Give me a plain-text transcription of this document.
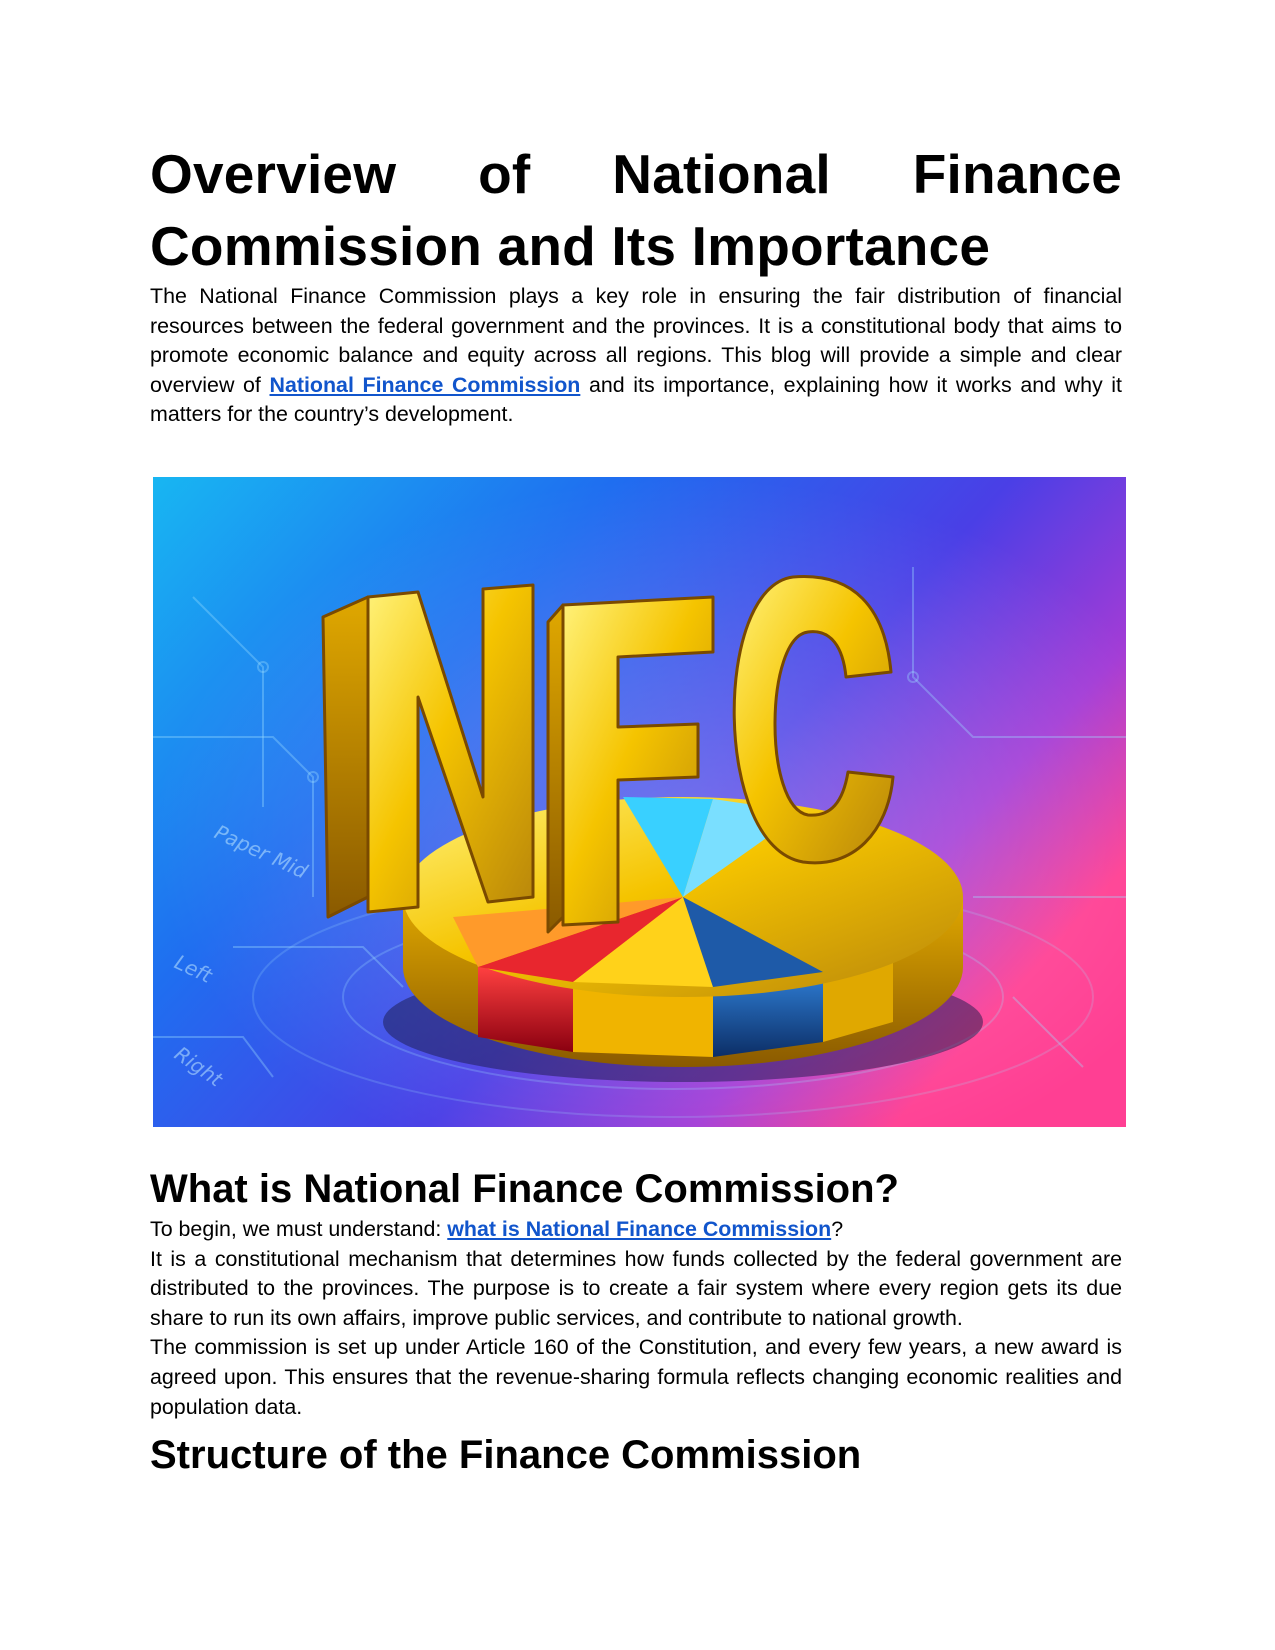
Overview of National Finance Commission and Its Importance

The National Finance Commission plays a key role in ensuring the fair distribution of financial resources between the federal government and the provinces. It is a constitutional body that aims to promote economic balance and equity across all regions. This blog will provide a simple and clear overview of National Finance Commission and its importance, explaining how it works and why it matters for the country’s development.

Left
Right
Paper Mid
NFC
What is National Finance Commission?

To begin, we must understand: what is National Finance Commission?

It is a constitutional mechanism that determines how funds collected by the federal government are distributed to the provinces. The purpose is to create a fair system where every region gets its due share to run its own affairs, improve public services, and contribute to national growth.

The commission is set up under Article 160 of the Constitution, and every few years, a new award is agreed upon. This ensures that the revenue-sharing formula reflects changing economic realities and population data.

Structure of the Finance Commission
